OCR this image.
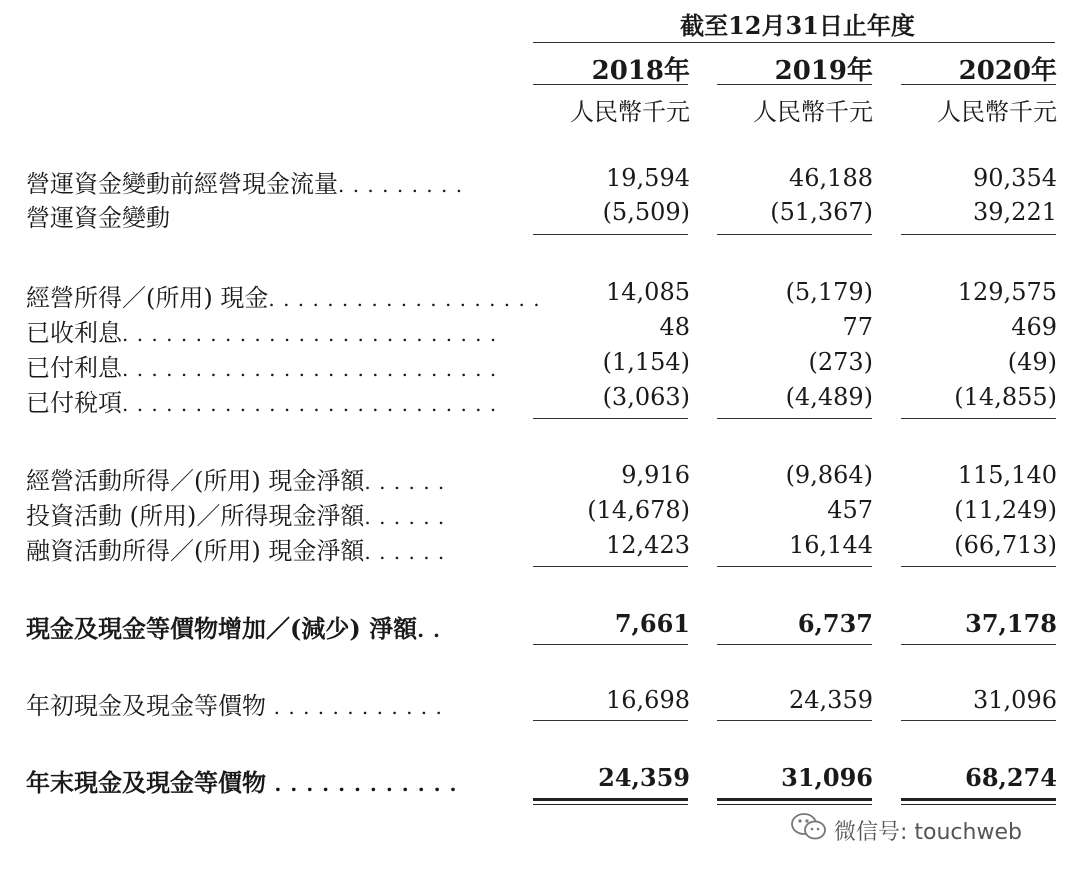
截至12月31日止年度
2018年	2019年	2020年
人民幣千元	人民幣千元	人民幣千元
營運資金變動前經營現金流量. . . . . . . . .	19,594	46,188	90,354
營運資金變動	(5,509)	(51,367)	39,221
經營所得／(所用) 現金. . . . . . . . . . . . . . . . . . .	14,085	(5,179)	129,575
已收利息. . . . . . . . . . . . . . . . . . . . . . . . . .	48	77	469
已付利息. . . . . . . . . . . . . . . . . . . . . . . . . .	(1,154)	(273)	(49)
已付稅項. . . . . . . . . . . . . . . . . . . . . . . . . .	(3,063)	(4,489)	(14,855)
經營活動所得／(所用) 現金淨額. . . . . .	9,916	(9,864)	115,140
投資活動 (所用)／所得現金淨額. . . . . .	(14,678)	457	(11,249)
融資活動所得／(所用) 現金淨額. . . . . .	12,423	16,144	(66,713)
現金及現金等價物增加／(減少) 淨額. .	7,661	6,737	37,178
年初現金及現金等價物 . . . . . . . . . . . .	16,698	24,359	31,096
年末現金及現金等價物 . . . . . . . . . . . .	24,359	31,096	68,274
微信号: touchweb
